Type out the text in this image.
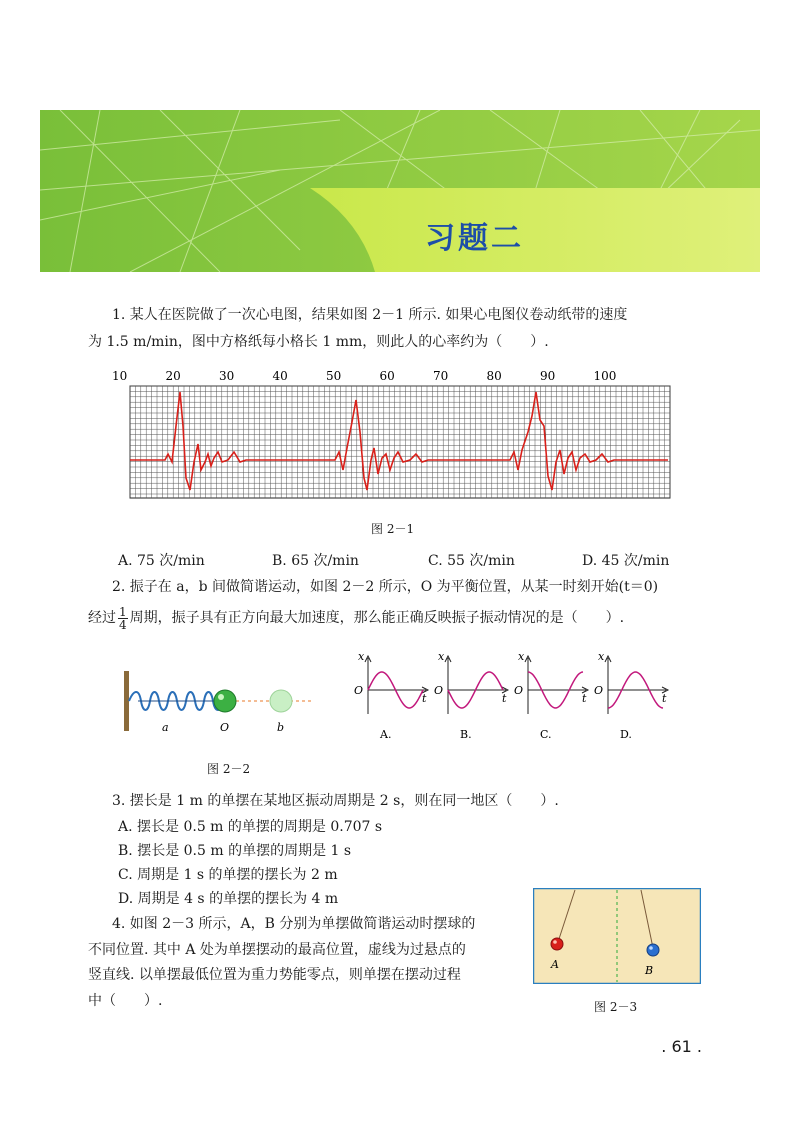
习题二
1. 某人在医院做了一次心电图，结果如图 2－1 所示. 如果心电图仪卷动纸带的速度
为 1.5 m/min，图中方格纸每小格长 1 mm，则此人的心率约为（　　）.
10	20	30	40	50	60	70	80	90	100
图 2－1
A. 75 次/min	B. 65 次/min	C. 55 次/min	D. 45 次/min
2. 振子在 a，b 间做简谐运动，如图 2－2 所示，O 为平衡位置，从某一时刻开始(t＝0)
经过 $\frac{1}{4}$ 周期，振子具有正方向最大加速度，那么能正确反映振子振动情况的是（　　）.
a	O	b
图 2－2
x
t
O
A.
x
t
O
B.
x
t
O
C.
x
t
O
D.
3. 摆长是 1 m 的单摆在某地区振动周期是 2 s，则在同一地区（　　）.
A. 摆长是 0.5 m 的单摆的周期是 0.707 s
B. 摆长是 0.5 m 的单摆的周期是 1 s
C. 周期是 1 s 的单摆的摆长为 2 m
D. 周期是 4 s 的单摆的摆长为 4 m
4. 如图 2－3 所示，A，B 分别为单摆做简谐运动时摆球的
不同位置. 其中 A 处为单摆摆动的最高位置，虚线为过悬点的
竖直线. 以单摆最低位置为重力势能零点，则单摆在摆动过程
中（　　）.
A	B
图 2－3
. 61 .
